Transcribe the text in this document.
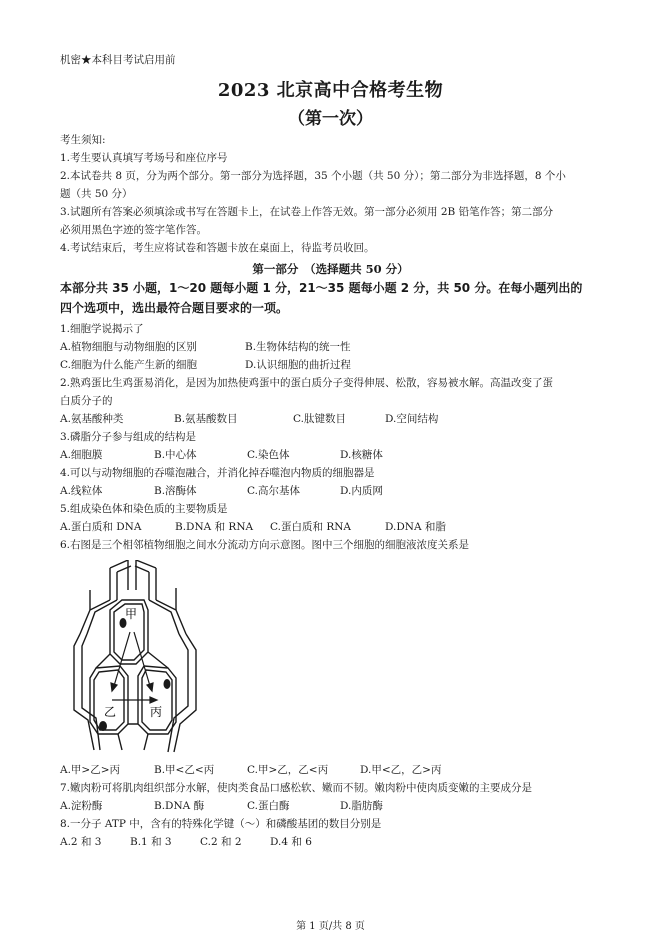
机密★本科目考试启用前
2023 北京高中合格考生物
（第一次）
考生须知:
1.考生要认真填写考场号和座位序号
2.本试卷共 8 页，分为两个部分。第一部分为选择题，35 个小题（共 50 分）；第二部分为非选择题，8 个小
题（共 50 分）
3.试题所有答案必须填涂或书写在答题卡上，在试卷上作答无效。第一部分必须用 2B 铅笔作答；第二部分
必须用黑色字迹的签字笔作答。
4.考试结束后，考生应将试卷和答题卡放在桌面上，待监考员收回。
第一部分　（选择题共 50 分）
本部分共 35 小题，1～20 题每小题 1 分，21～35 题每小题 2 分，共 50 分。在每小题列出的
四个选项中，选出最符合题目要求的一项。
1.细胞学说揭示了
A.植物细胞与动物细胞的区别	B.生物体结构的统一性
C.细胞为什么能产生新的细胞	D.认识细胞的曲折过程
2.熟鸡蛋比生鸡蛋易消化，是因为加热使鸡蛋中的蛋白质分子变得伸展、松散，容易被水解。高温改变了蛋
白质分子的
A.氨基酸种类	B.氨基酸数目	C.肽键数目	D.空间结构
3.磷脂分子参与组成的结构是
A.细胞膜	B.中心体	C.染色体	D.核糖体
4.可以与动物细胞的吞噬泡融合，并消化掉吞噬泡内物质的细胞器是
A.线粒体	B.溶酶体	C.高尔基体	D.内质网
5.组成染色体和染色质的主要物质是
A.蛋白质和 DNA	B.DNA 和 RNA C.蛋白质和 RNA	D.DNA 和脂
6.右图是三个相邻植物细胞之间水分流动方向示意图。图中三个细胞的细胞液浓度关系是
甲
乙	丙
A.甲>乙>丙	B.甲<乙<丙	C.甲>乙，乙<丙	D.甲<乙，乙>丙
7.嫩肉粉可将肌肉组织部分水解，使肉类食品口感松软、嫩而不韧。嫩肉粉中使肉质变嫩的主要成分是
A.淀粉酶	B.DNA 酶	C.蛋白酶	D.脂肪酶
8.一分子 ATP 中，含有的特殊化学键（～）和磷酸基团的数目分别是
A.2 和 3	B.1 和 3	C.2 和 2	D.4 和 6
第 1 页/共 8 页
